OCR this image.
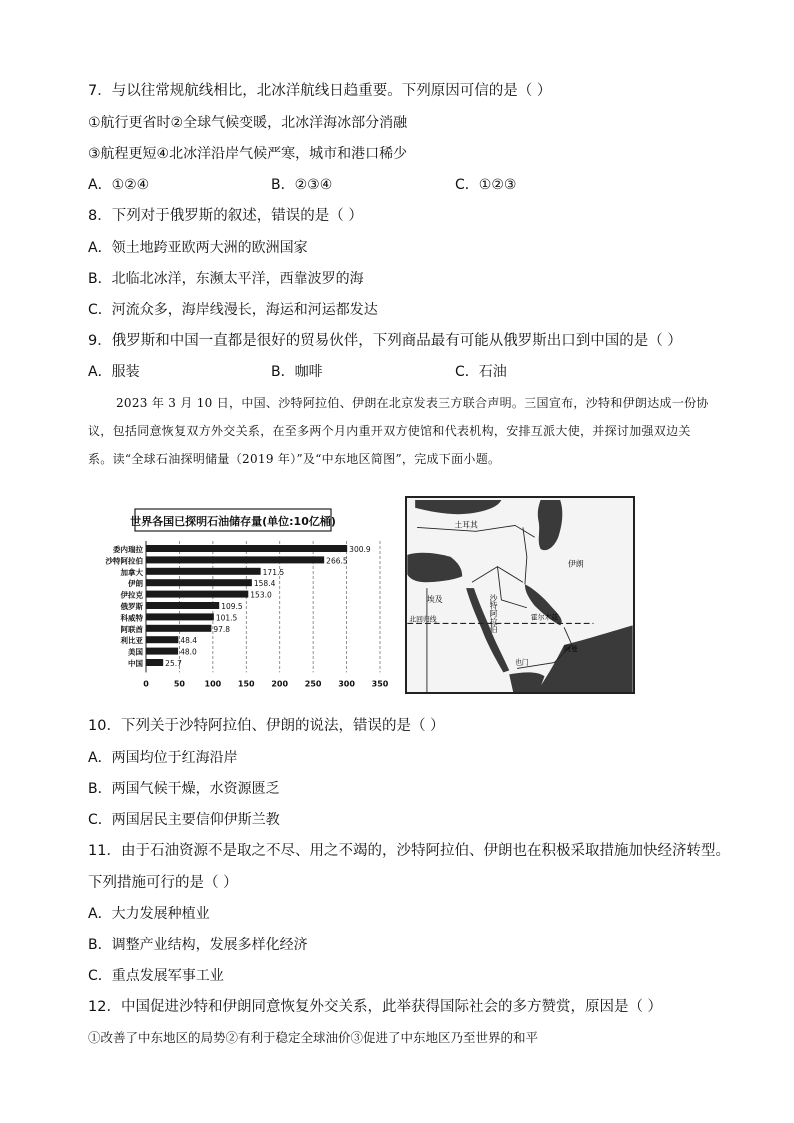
7．与以往常规航线相比，北冰洋航线日趋重要。下列原因可信的是（ ）
①航行更省时②全球气候变暖，北冰洋海冰部分消融
③航程更短④北冰洋沿岸气候严寒，城市和港口稀少
A．①②④	B．②③④	C．①②③
8．下列对于俄罗斯的叙述，错误的是（ ）
A．领土地跨亚欧两大洲的欧洲国家
B．北临北冰洋，东濒太平洋，西靠波罗的海
C．河流众多，海岸线漫长，海运和河运都发达
9．俄罗斯和中国一直都是很好的贸易伙伴，下列商品最有可能从俄罗斯出口到中国的是（ ）
A．服装	B．咖啡	C．石油
2023 年 3 月 10 日，中国、沙特阿拉伯、伊朗在北京发表三方联合声明。三国宣布，沙特和伊朗达成一份协议，包括同意恢复双方外交关系，在至多两个月内重开双方使馆和代表机构，安排互派大使，并探讨加强双边关系。读“全球石油探明储量（2019 年）”及“中东地区简图”，完成下面小题。
世界各国已探明石油储存量(单位:10亿桶)
委内瑞拉
沙特阿拉伯
加拿大
伊朗
伊拉克
俄罗斯
科威特
阿联酋
利比亚
美国
中国
300.9
266.5
171.5
158.4
153.0
109.5
101.5
97.8
48.4
48.0
25.7
0	50 100 150 200 250 300 350
土耳其
伊朗
埃及
北回归线	沙特阿拉伯	霍尔木兹
也门
阿曼
10．下列关于沙特阿拉伯、伊朗的说法，错误的是（ ）
A．两国均位于红海沿岸
B．两国气候干燥，水资源匮乏
C．两国居民主要信仰伊斯兰教
11．由于石油资源不是取之不尽、用之不竭的，沙特阿拉伯、伊朗也在积极采取措施加快经济转型。
下列措施可行的是（ ）
A．大力发展种植业
B．调整产业结构，发展多样化经济
C．重点发展军事工业
12．中国促进沙特和伊朗同意恢复外交关系，此举获得国际社会的多方赞赏，原因是（ ）
①改善了中东地区的局势②有利于稳定全球油价③促进了中东地区乃至世界的和平
